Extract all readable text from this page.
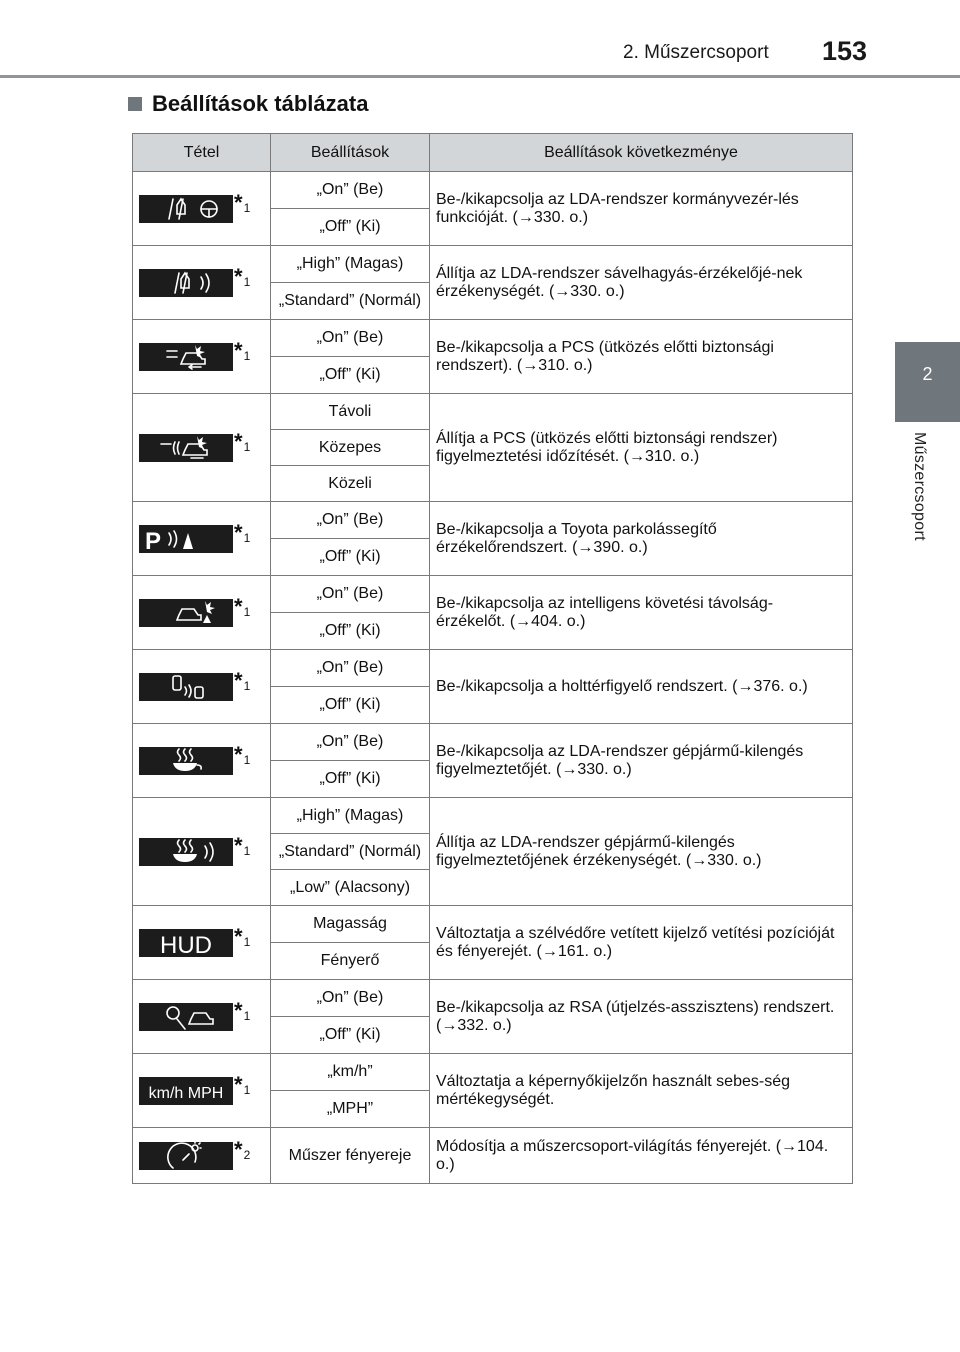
2. Műszercsoport 153
2
Műszercsoport
Beállítások táblázata
Tétel	Beállítások	Beállítások következménye

$*_1$	„On” (Be)	Be-/kikapcsolja az LDA-rendszer kormányvezér-lés funkcióját. (→330. o.)
	„Off” (Ki)	

$*_1$	„High” (Magas)	Állítja az LDA-rendszer sávelhagyás-érzékelőjé-nek érzékenységét. (→330. o.)
	„Standard” (Normál)	

$*_1$	„On” (Be)	Be-/kikapcsolja a PCS (ütközés előtti biztonsági rendszert). (→310. o.)
	„Off” (Ki)	

$*_1$	Távoli	Állítja a PCS (ütközés előtti biztonsági rendszer) figyelmeztetési időzítését. (→310. o.)
	Közepes	
	Közeli	

P $*_1$	„On” (Be)	Be-/kikapcsolja a Toyota parkolássegítő érzékelőrendszert. (→390. o.)
	„Off” (Ki)	

$*_1$	„On” (Be)	Be-/kikapcsolja az intelligens követési távolság-érzékelőt. (→404. o.)
	„Off” (Ki)	

$*_1$	„On” (Be)	Be-/kikapcsolja a holttérfigyelő rendszert. (→376. o.)
	„Off” (Ki)	

$*_1$	„On” (Be)	Be-/kikapcsolja az LDA-rendszer gépjármű-kilengés figyelmeztetőjét. (→330. o.)
	„Off” (Ki)	

$*_1$	„High” (Magas)	Állítja az LDA-rendszer gépjármű-kilengés figyelmeztetőjének érzékenységét. (→330. o.)
	„Standard” (Normál)	
	„Low” (Alacsony)	

HUD $*_1$	Magasság	Változtatja a szélvédőre vetített kijelző vetítési pozícióját és fényerejét. (→161. o.)
	Fényerő	

$*_1$	„On” (Be)	Be-/kikapcsolja az RSA (útjelzés-asszisztens) rendszert. (→332. o.)
	„Off” (Ki)	

km/h MPH $*_1$	„km/h”	Változtatja a képernyőkijelzőn használt sebes-ség mértékegységét.
	„MPH”	

$*_2$	Műszer fényereje	Módosítja a műszercsoport-világítás fényerejét. (→104. o.)
